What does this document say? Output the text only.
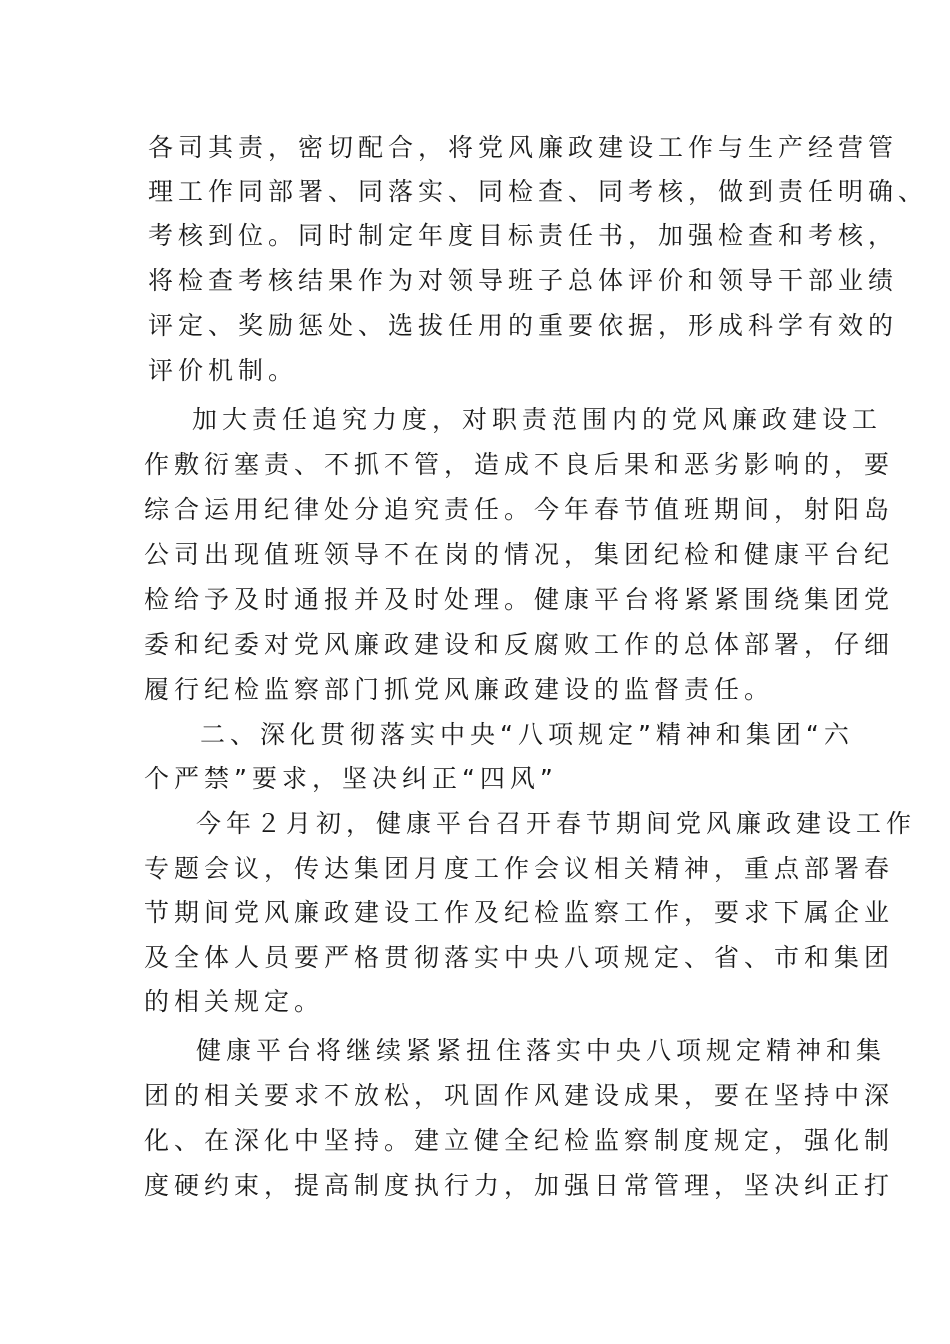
各司其责，密切配合，将党风廉政建设工作与生产经营管
理工作同部署、同落实、同检查、同考核，做到责任明确、
考核到位。同时制定年度目标责任书，加强检查和考核，
将检查考核结果作为对领导班子总体评价和领导干部业绩
评定、奖励惩处、选拔任用的重要依据，形成科学有效的
评价机制。
加大责任追究力度，对职责范围内的党风廉政建设工
作敷衍塞责、不抓不管，造成不良后果和恶劣影响的，要
综合运用纪律处分追究责任。今年春节值班期间，射阳岛
公司出现值班领导不在岗的情况，集团纪检和健康平台纪
检给予及时通报并及时处理。健康平台将紧紧围绕集团党
委和纪委对党风廉政建设和反腐败工作的总体部署，仔细
履行纪检监察部门抓党风廉政建设的监督责任。
二、深化贯彻落实中央“八项规定”精神和集团“六
个严禁”要求，坚决纠正“四风”
今年２月初，健康平台召开春节期间党风廉政建设工作
专题会议，传达集团月度工作会议相关精神，重点部署春
节期间党风廉政建设工作及纪检监察工作，要求下属企业
及全体人员要严格贯彻落实中央八项规定、省、市和集团
的相关规定。
健康平台将继续紧紧扭住落实中央八项规定精神和集
团的相关要求不放松，巩固作风建设成果，要在坚持中深
化、在深化中坚持。建立健全纪检监察制度规定，强化制
度硬约束，提高制度执行力，加强日常管理，坚决纠正打
